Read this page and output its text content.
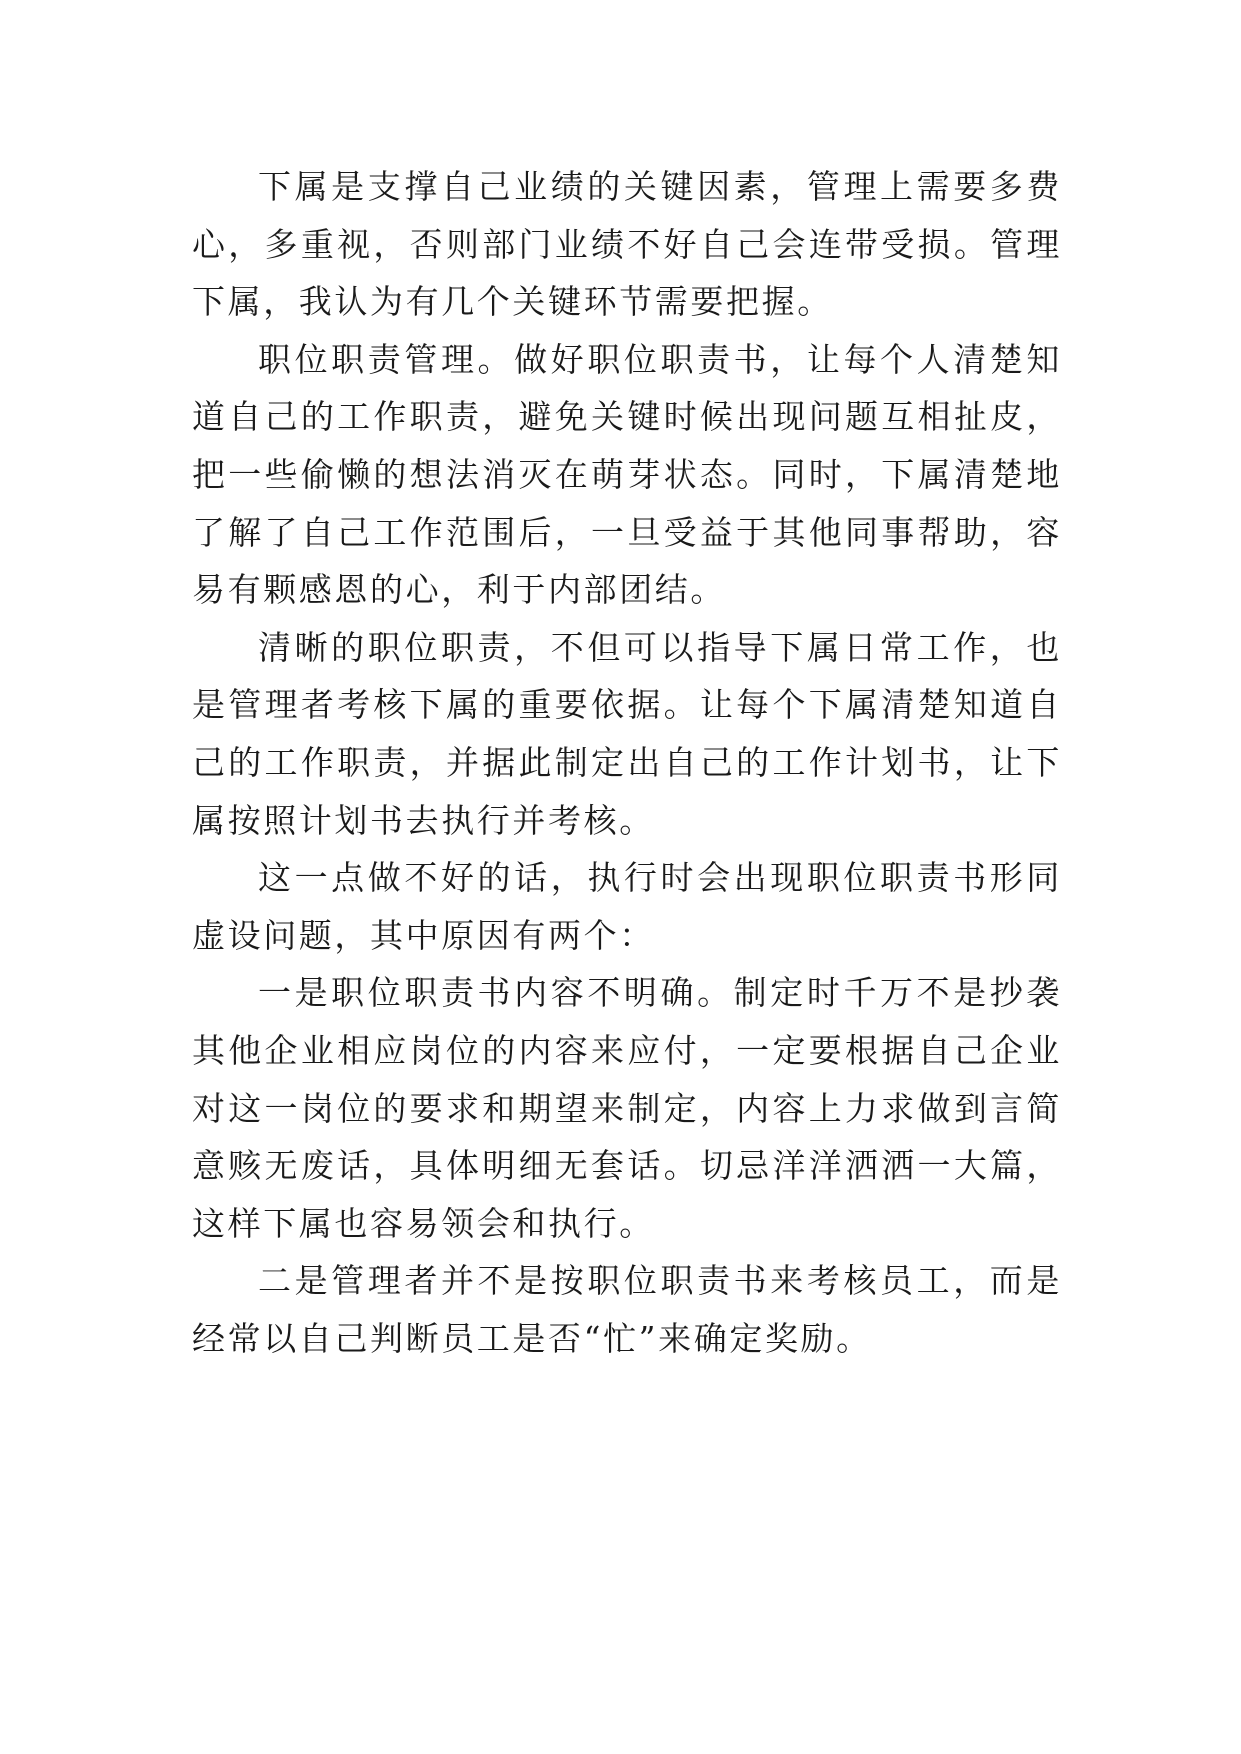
下属是支撑自己业绩的关键因素，管理上需要多费心，多重视，否则部门业绩不好自己会连带受损。管理下属，我认为有几个关键环节需要把握。

职位职责管理。做好职位职责书，让每个人清楚知道自己的工作职责，避免关键时候出现问题互相扯皮，把一些偷懒的想法消灭在萌芽状态。同时，下属清楚地了解了自己工作范围后，一旦受益于其他同事帮助，容易有颗感恩的心，利于内部团结。

清晰的职位职责，不但可以指导下属日常工作，也是管理者考核下属的重要依据。让每个下属清楚知道自己的工作职责，并据此制定出自己的工作计划书，让下属按照计划书去执行并考核。

这一点做不好的话，执行时会出现职位职责书形同虚设问题，其中原因有两个：

一是职位职责书内容不明确。制定时千万不是抄袭其他企业相应岗位的内容来应付，一定要根据自己企业对这一岗位的要求和期望来制定，内容上力求做到言简意赅无废话，具体明细无套话。切忌洋洋洒洒一大篇，这样下属也容易领会和执行。

二是管理者并不是按职位职责书来考核员工，而是经常以自己判断员工是否“忙”来确定奖励。
